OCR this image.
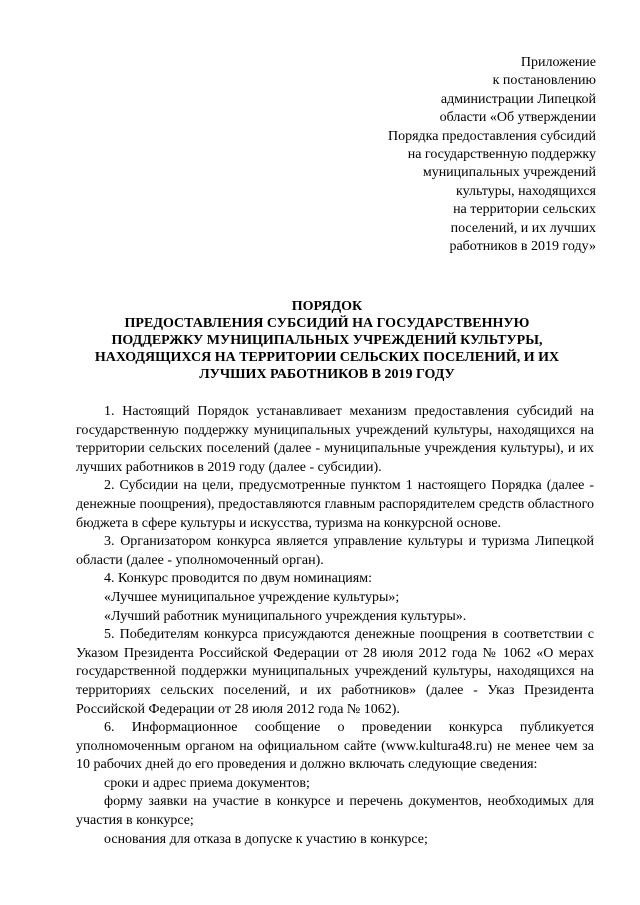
Приложение
к постановлению
администрации Липецкой
области «Об утверждении
Порядка предоставления субсидий
на государственную поддержку
муниципальных учреждений
культуры, находящихся
на территории сельских
поселений, и их лучших
работников в 2019 году»
ПОРЯДОК
ПРЕДОСТАВЛЕНИЯ СУБСИДИЙ НА ГОСУДАРСТВЕННУЮ
ПОДДЕРЖКУ МУНИЦИПАЛЬНЫХ УЧРЕЖДЕНИЙ КУЛЬТУРЫ,
НАХОДЯЩИХСЯ НА ТЕРРИТОРИИ СЕЛЬСКИХ ПОСЕЛЕНИЙ, И ИХ
ЛУЧШИХ РАБОТНИКОВ В 2019 ГОДУ

1. Настоящий Порядок устанавливает механизм предоставления субсидий на государственную поддержку муниципальных учреждений культуры, находящихся на территории сельских поселений (далее - муниципальные учреждения культуры), и их лучших работников в 2019 году (далее - субсидии).

2. Субсидии на цели, предусмотренные пунктом 1 настоящего Порядка (далее - денежные поощрения), предоставляются главным распорядителем средств областного бюджета в сфере культуры и искусства, туризма на конкурсной основе.

3. Организатором конкурса является управление культуры и туризма Липецкой области (далее - уполномоченный орган).

4. Конкурс проводится по двум номинациям:

«Лучшее муниципальное учреждение культуры»;

«Лучший работник муниципального учреждения культуры».

5. Победителям конкурса присуждаются денежные поощрения в соответствии с Указом Президента Российской Федерации от 28 июля 2012 года № 1062 «О мерах государственной поддержки муниципальных учреждений культуры, находящихся на территориях сельских поселений, и их работников» (далее - Указ Президента Российской Федерации от 28 июля 2012 года № 1062).

6. Информационное сообщение о проведении конкурса публикуется уполномоченным органом на официальном сайте (www.kultura48.ru) не менее чем за 10 рабочих дней до его проведения и должно включать следующие сведения:

сроки и адрес приема документов;

форму заявки на участие в конкурсе и перечень документов, необходимых для участия в конкурсе;

основания для отказа в допуске к участию в конкурсе;
